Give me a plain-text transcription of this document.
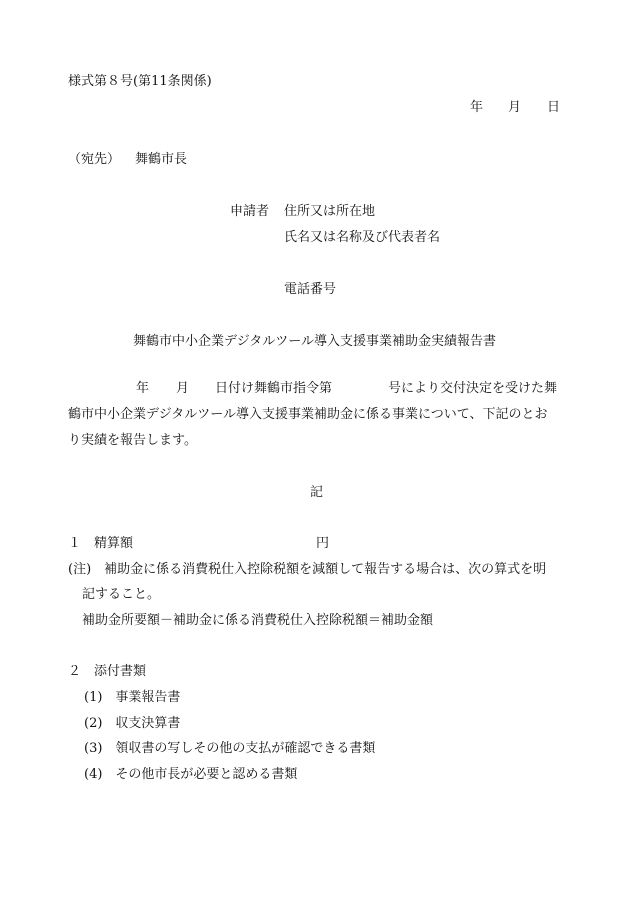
様式第８号(第11条関係)
年 月 日
（宛先） 舞鶴市長
申請者 住所又は所在地
氏名又は名称及び代表者名
電話番号
舞鶴市中小企業デジタルツール導入支援事業補助金実績報告書
年 月 日付け舞鶴市指令第	号により交付決定を受けた舞
鶴市中小企業デジタルツール導入支援事業補助金に係る事業について、下記のとお
り実績を報告します。
記
１　精算額	円
(注)　補助金に係る消費税仕入控除税額を減額して報告する場合は、次の算式を明
記すること。
補助金所要額－補助金に係る消費税仕入控除税額＝補助金額
２　添付書類
(1)　事業報告書
(2)　収支決算書
(3)　領収書の写しその他の支払が確認できる書類
(4)　その他市長が必要と認める書類
